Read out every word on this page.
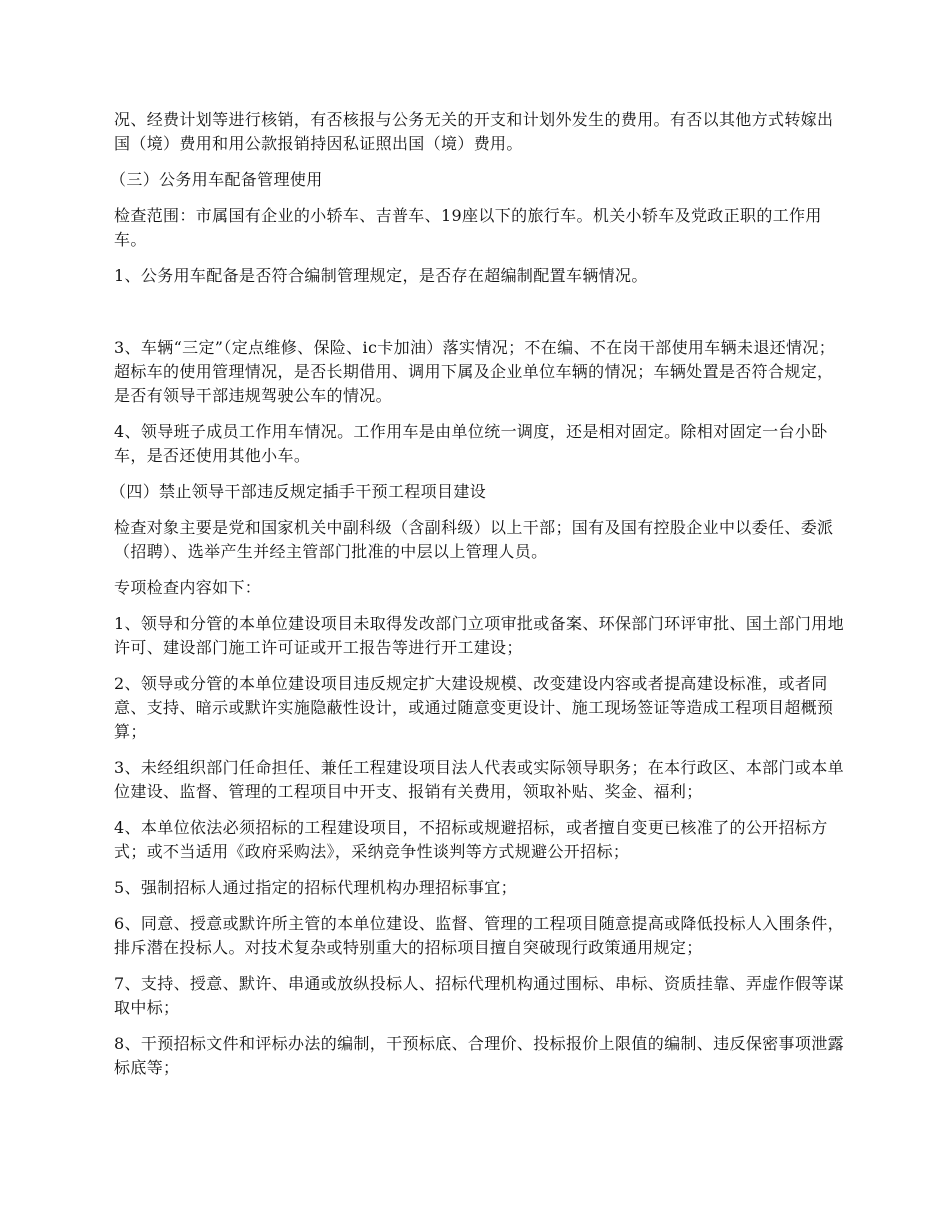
况、经费计划等进行核销，有否核报与公务无关的开支和计划外发生的费用。有否以其他方式转嫁出国（境）费用和用公款报销持因私证照出国（境）费用。

（三）公务用车配备管理使用

检查范围：市属国有企业的小轿车、吉普车、19座以下的旅行车。机关小轿车及党政正职的工作用车。

1、公务用车配备是否符合编制管理规定，是否存在超编制配置车辆情况。

3、车辆“三定”（定点维修、保险、ic卡加油）落实情况；不在编、不在岗干部使用车辆未退还情况；超标车的使用管理情况，是否长期借用、调用下属及企业单位车辆的情况；车辆处置是否符合规定，是否有领导干部违规驾驶公车的情况。

4、领导班子成员工作用车情况。工作用车是由单位统一调度，还是相对固定。除相对固定一台小卧车，是否还使用其他小车。

（四）禁止领导干部违反规定插手干预工程项目建设

检查对象主要是党和国家机关中副科级（含副科级）以上干部；国有及国有控股企业中以委任、委派（招聘）、选举产生并经主管部门批准的中层以上管理人员。

专项检查内容如下：

1、领导和分管的本单位建设项目未取得发改部门立项审批或备案、环保部门环评审批、国土部门用地许可、建设部门施工许可证或开工报告等进行开工建设；

2、领导或分管的本单位建设项目违反规定扩大建设规模、改变建设内容或者提高建设标准，或者同意、支持、暗示或默许实施隐蔽性设计，或通过随意变更设计、施工现场签证等造成工程项目超概预算；

3、未经组织部门任命担任、兼任工程建设项目法人代表或实际领导职务；在本行政区、本部门或本单位建设、监督、管理的工程项目中开支、报销有关费用，领取补贴、奖金、福利；

4、本单位依法必须招标的工程建设项目，不招标或规避招标，或者擅自变更已核准了的公开招标方式；或不当适用《政府采购法》，采纳竞争性谈判等方式规避公开招标；

5、强制招标人通过指定的招标代理机构办理招标事宜；

6、同意、授意或默许所主管的本单位建设、监督、管理的工程项目随意提高或降低投标人入围条件，排斥潜在投标人。对技术复杂或特别重大的招标项目擅自突破现行政策通用规定；

7、支持、授意、默许、串通或放纵投标人、招标代理机构通过围标、串标、资质挂靠、弄虚作假等谋取中标；

8、干预招标文件和评标办法的编制，干预标底、合理价、投标报价上限值的编制、违反保密事项泄露标底等；
